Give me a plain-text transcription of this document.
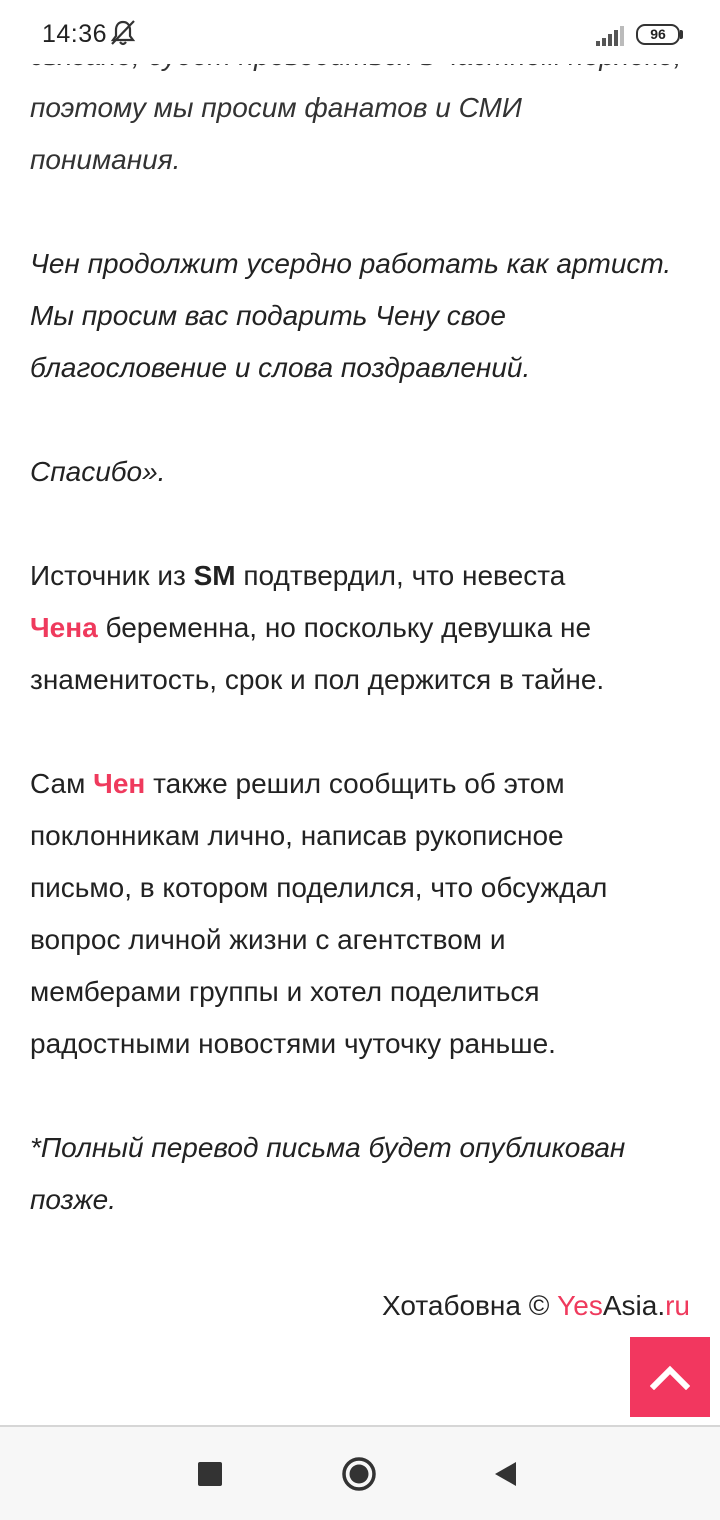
поэтому мы просим фанатов и СМИ
понимания.

Чен продолжит усердно работать как артист.
Мы просим вас подарить Чену свое
благословение и слова поздравлений.

Спасибо».

Источник из SM подтвердил, что невеста
Чена беременна, но поскольку девушка не
знаменитость, срок и пол держится в тайне.

Сам Чен также решил сообщить об этом
поклонникам лично, написав рукописное
письмо, в котором поделился, что обсуждал
вопрос личной жизни с агентством и
мемберами группы и хотел поделиться
радостными новостями чуточку раньше.

*Полный перевод письма будет опубликован
позже.

Хотабовна © YesAsia.ru
14:36	96
